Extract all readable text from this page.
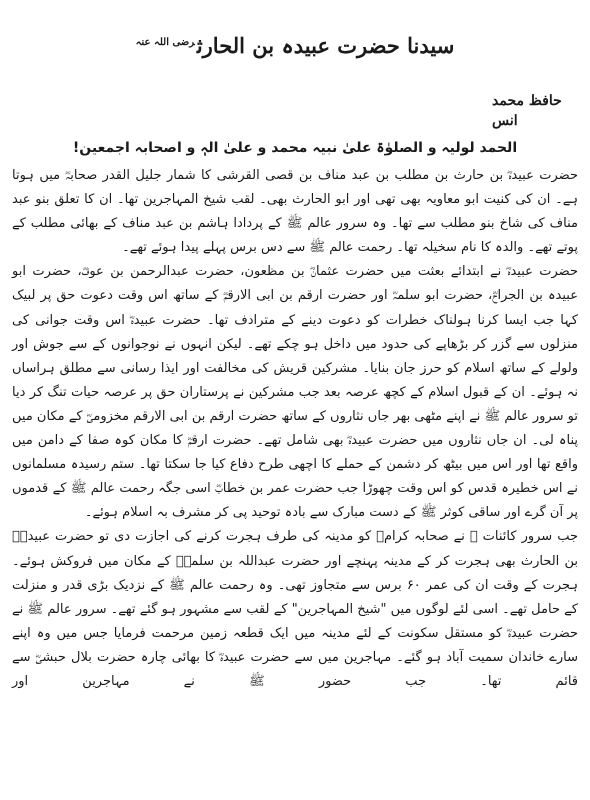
سیدنا حضرت عبیدہ بن الحارث$^{رضی اللہ عنہ}$
حافظ محمد انس
الحمد لولیہ و الصلوٰۃ علیٰ نبیہ محمد و علیٰ الہٖ و اصحابہ اجمعین!

حضرت عبیدہؓ بن حارث بن مطلب بن عبد مناف بن قصی القرشی کا شمار جلیل القدر صحابہؓ میں ہوتا ہے۔ ان کی کنیت ابو معاویہ بھی تھی اور ابو الحارث بھی۔ لقب شیخ المہاجرین تھا۔ ان کا تعلق بنو عبد مناف کی شاخ بنو مطلب سے تھا۔ وہ سرور عالم ﷺ کے پردادا ہاشم بن عبد مناف کے بھائی مطلب کے پوتے تھے۔ والدہ کا نام سخیلہ تھا۔ رحمت عالم ﷺ سے دس برس پہلے پیدا ہوئے تھے۔

حضرت عبیدہؓ نے ابتدائے بعثت میں حضرت عثمانؓ بن مظعون، حضرت عبدالرحمن بن عوفؓ، حضرت ابو عبیدہ بن الجراحؓ، حضرت ابو سلمہؓ اور حضرت ارقم بن ابی الارقمؓ کے ساتھ اس وقت دعوت حق پر لبیک کہا جب ایسا کرنا ہولناک خطرات کو دعوت دینے کے مترادف تھا۔ حضرت عبیدہؓ اس وقت جوانی کی منزلوں سے گزر کر بڑھاپے کی حدود میں داخل ہو چکے تھے۔ لیکن انہوں نے نوجوانوں کے سے جوش اور ولولے کے ساتھ اسلام کو حرز جان بنایا۔ مشرکین قریش کی مخالفت اور ایذا رسانی سے مطلق ہراساں نہ ہوئے۔ ان کے قبول اسلام کے کچھ عرصہ بعد جب مشرکین نے پرستاران حق پر عرصہ حیات تنگ کر دیا تو سرور عالم ﷺ نے اپنے مٹھی بھر جاں نثاروں کے ساتھ حضرت ارقم بن ابی الارقم مخزومیؓ کے مکان میں پناہ لی۔ ان جاں نثاروں میں حضرت عبیدہؓ بھی شامل تھے۔ حضرت ارقمؓ کا مکان کوہ صفا کے دامن میں واقع تھا اور اس میں بیٹھ کر دشمن کے حملے کا اچھی طرح دفاع کیا جا سکتا تھا۔ ستم رسیدہ مسلمانوں نے اس خطیرہ قدس کو اس وقت چھوڑا جب حضرت عمر بن خطابؓ اسی جگہ رحمت عالم ﷺ کے قدموں پر آن گرے اور ساقی کوثر ﷺ کے دست مبارک سے بادہ توحید پی کر مشرف بہ اسلام ہوئے۔

جب سرور کائنات ﷺ نے صحابہ کرامؓ کو مدینہ کی طرف ہجرت کرنے کی اجازت دی تو حضرت عبیدہؓ بن الحارث بھی ہجرت کر کے مدینہ پہنچے اور حضرت عبداللہ بن سلمہؓ کے مکان میں فروکش ہوئے۔ ہجرت کے وقت ان کی عمر ۶۰ برس سے متجاوز تھی۔ وہ رحمت عالم ﷺ کے نزدیک بڑی قدر و منزلت کے حامل تھے۔ اسی لئے لوگوں میں "شیخ المہاجرین" کے لقب سے مشہور ہو گئے تھے۔ سرور عالم ﷺ نے حضرت عبیدہؓ کو مستقل سکونت کے لئے مدینہ میں ایک قطعہ زمین مرحمت فرمایا جس میں وہ اپنے سارے خاندان سمیت آباد ہو گئے۔ مہاجرین میں سے حضرت عبیدہؓ کا بھائی چارہ حضرت بلال حبشیؓ سے قائم تھا۔ جب حضور ﷺ نے مہاجرین اور
